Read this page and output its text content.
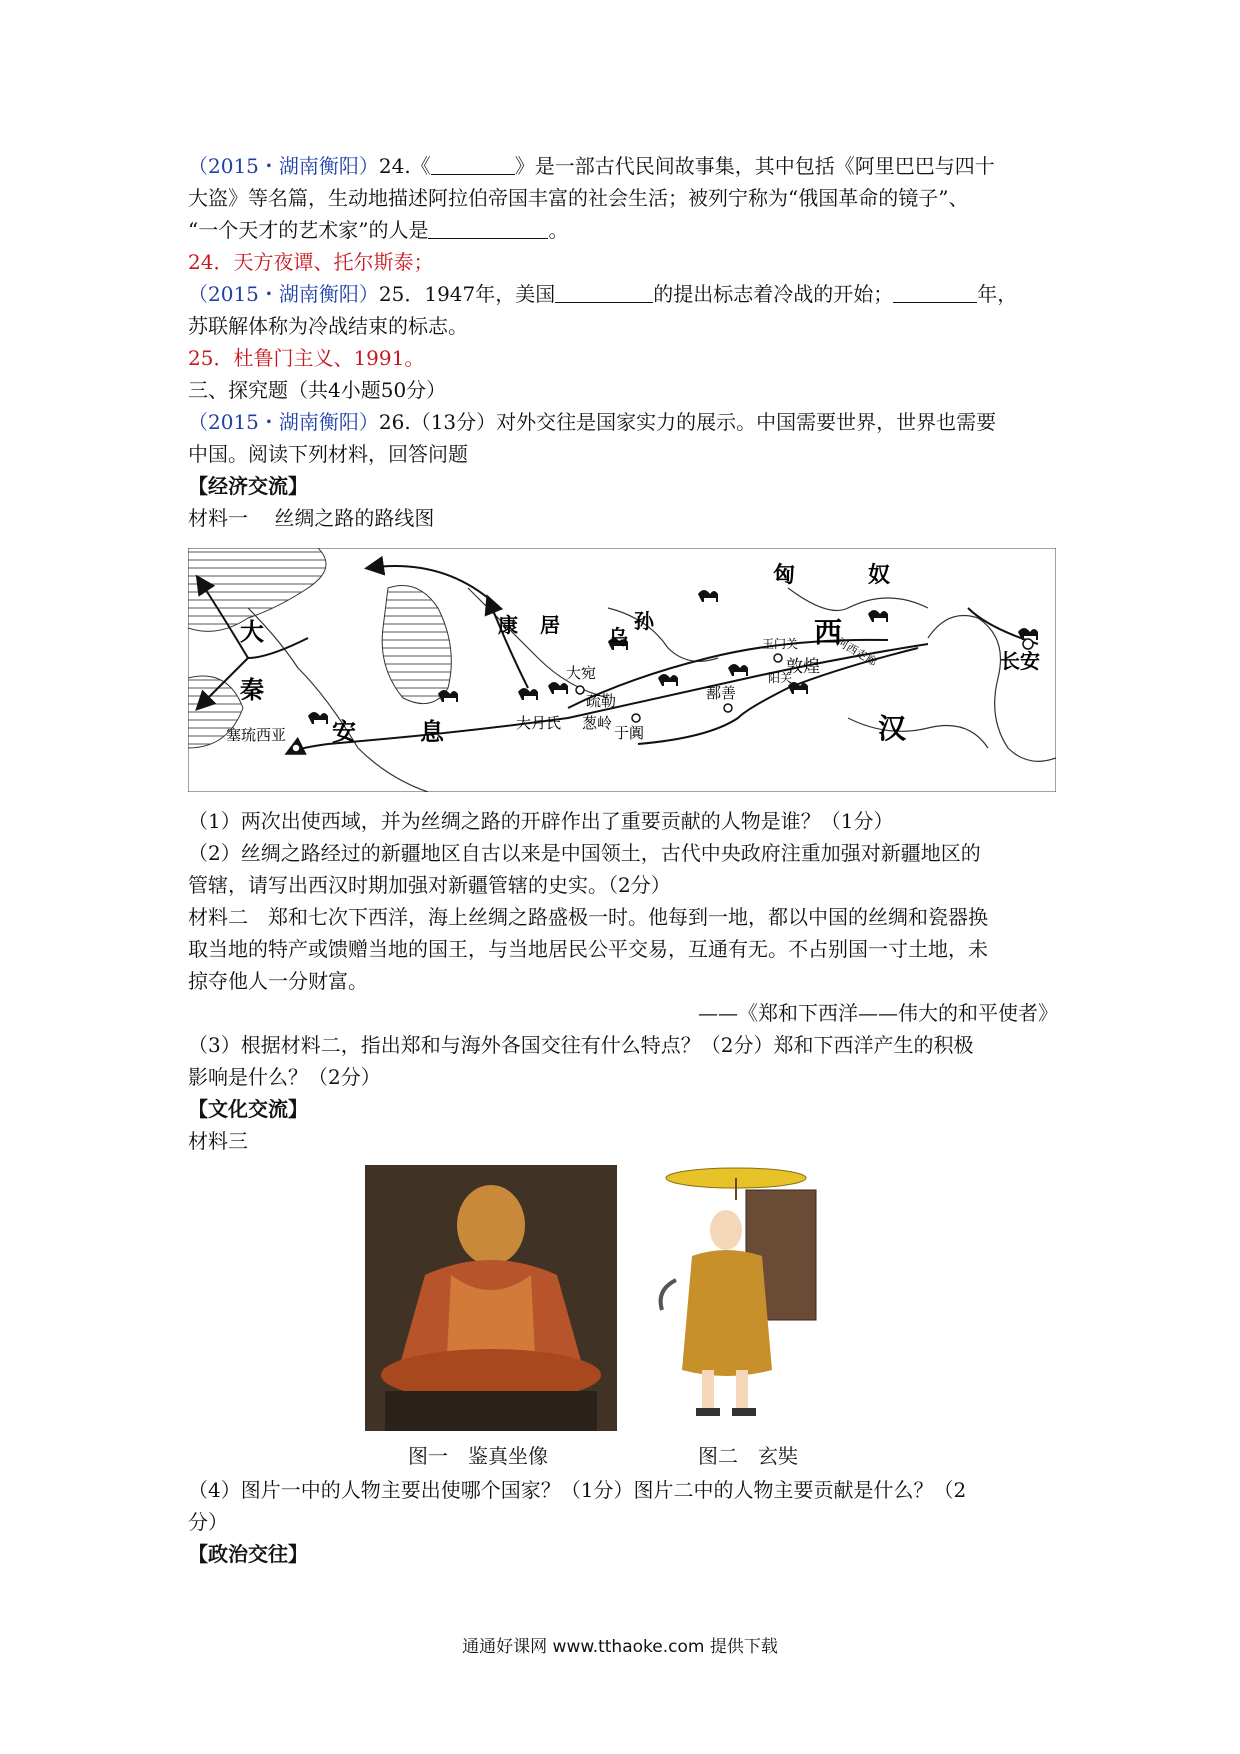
（2015・湖南衡阳）24.《	》是一部古代民间故事集，其中包括《阿里巴巴与四十
大盗》等名篇，生动地描述阿拉伯帝国丰富的社会生活；被列宁称为“俄国革命的镜子”、
“一个天才的艺术家”的人是	。
24．天方夜谭、托尔斯泰；
（2015・湖南衡阳）25．1947年，美国	的提出标志着冷战的开始；	年，
苏联解体称为冷战结束的标志。
25．杜鲁门主义、1991。
三、探究题（共4小题50分）
（2015・湖南衡阳）26.（13分）对外交往是国家实力的展示。中国需要世界，世界也需要
中国。阅读下列材料，回答问题
【经济交流】
材料一　 丝绸之路的路线图
匈	奴
西
汉
大
秦
康 居 乌
孙
大宛
疏勒
葱岭
大月氏
安	息
塞琉西亚
玉门关
阳关
敦煌 河西走廊
鄯善
于阗
长安
（1）两次出使西域，并为丝绸之路的开辟作出了重要贡献的人物是谁？（1分）
（2）丝绸之路经过的新疆地区自古以来是中国领土，古代中央政府注重加强对新疆地区的
管辖，请写出西汉时期加强对新疆管辖的史实。（2分）
材料二　郑和七次下西洋，海上丝绸之路盛极一时。他每到一地，都以中国的丝绸和瓷器换
取当地的特产或馈赠当地的国王，与当地居民公平交易，互通有无。不占别国一寸土地，未
掠夺他人一分财富。
——《郑和下西洋——伟大的和平使者》
（3）根据材料二，指出郑和与海外各国交往有什么特点？（2分）郑和下西洋产生的积极
影响是什么？（2分）
【文化交流】
材料三
图一　鉴真坐像	图二　玄奘
（4）图片一中的人物主要出使哪个国家？（1分）图片二中的人物主要贡献是什么？（2
分）
【政治交往】
通通好课网 www.tthaoke.com 提供下载
